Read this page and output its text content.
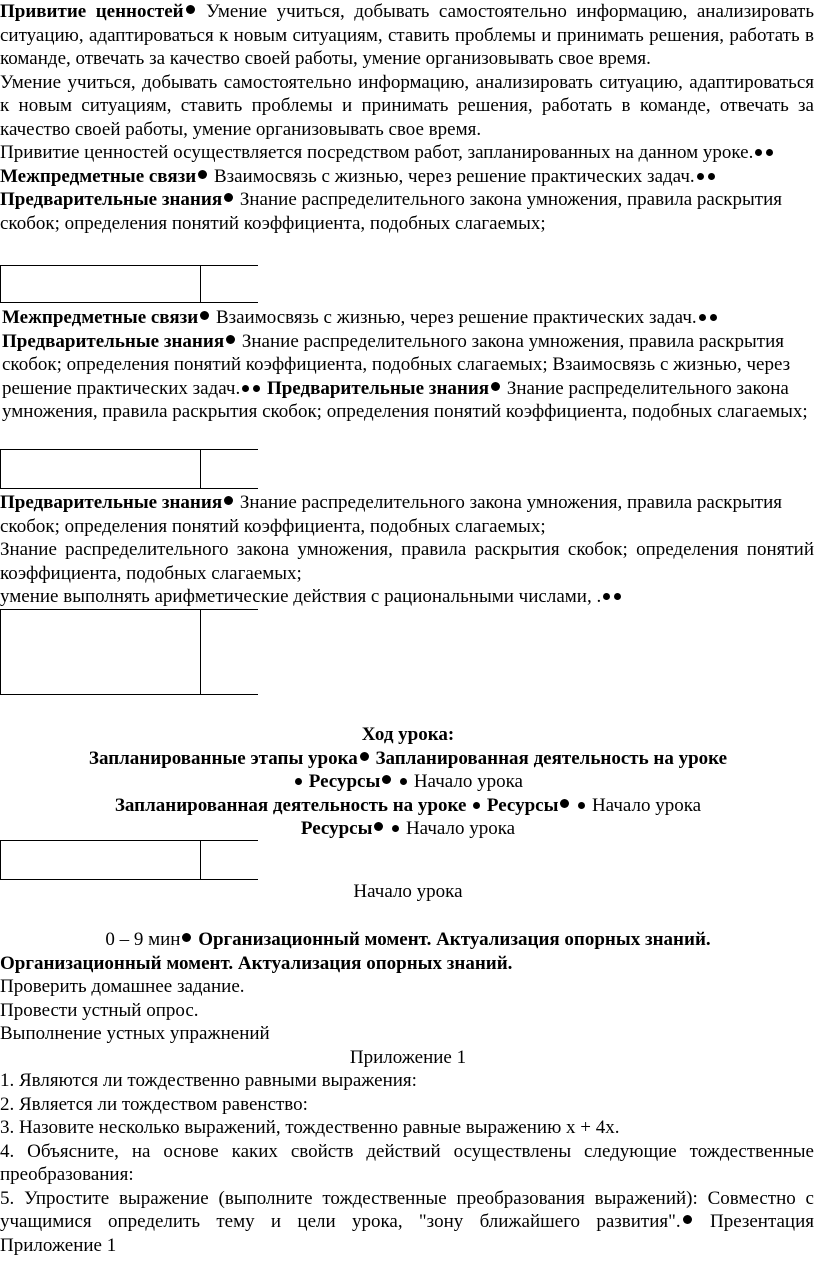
Привитие ценностей Умение учиться, добывать самостоятельно информацию, анализировать ситуацию, адаптироваться к новым ситуациям, ставить проблемы и принимать решения, работать в команде, отвечать за качество своей работы, умение организовывать свое время.

Умение учиться, добывать самостоятельно информацию, анализировать ситуацию, адаптироваться к новым ситуациям, ставить проблемы и принимать решения, работать в команде, отвечать за качество своей работы, умение организовывать свое время.

Привитие ценностей осуществляется посредством работ, запланированных на данном уроке. Межпредметные связи Взаимосвязь с жизнью, через решение практических задач. Предварительные знания Знание распределительного закона умножения, правила раскрытия скобок; определения понятий коэффициента, подобных слагаемых;

Межпредметные связи Взаимосвязь с жизнью, через решение практических задач. Предварительные знания Знание распределительного закона умножения, правила раскрытия скобок; определения понятий коэффициента, подобных слагаемых; Взаимосвязь с жизнью, через решение практических задач. Предварительные знания Знание распределительного закона умножения, правила раскрытия скобок; определения понятий коэффициента, подобных слагаемых;

Предварительные знания Знание распределительного закона умножения, правила раскрытия скобок; определения понятий коэффициента, подобных слагаемых;

Знание распределительного закона умножения, правила раскрытия скобок; определения понятий коэффициента, подобных слагаемых;

умение выполнять арифметические действия с рациональными числами, .

Ход урока:
Запланированные этапы урока Запланированная деятельность на уроке
Ресурсы Начало урока
Запланированная деятельность на уроке Ресурсы Начало урока
Ресурсы Начало урока
Начало урока
0 – 9 мин Организационный момент. Актуализация опорных знаний.
Организационный момент. Актуализация опорных знаний.
Проверить домашнее задание.
Провести устный опрос.
Выполнение устных упражнений
Приложение 1
1. Являются ли тождественно равными выражения:
2. Является ли тождеством равенство:
3. Назовите несколько выражений, тождественно равные выражению х + 4х.

4. Объясните, на основе каких свойств действий осуществлены следующие тождественные преобразования:

5. Упростите выражение (выполните тождественные преобразования выражений): Совместно с учащимися определить тему и цели урока, "зону ближайшего развития". Презентация Приложение 1
